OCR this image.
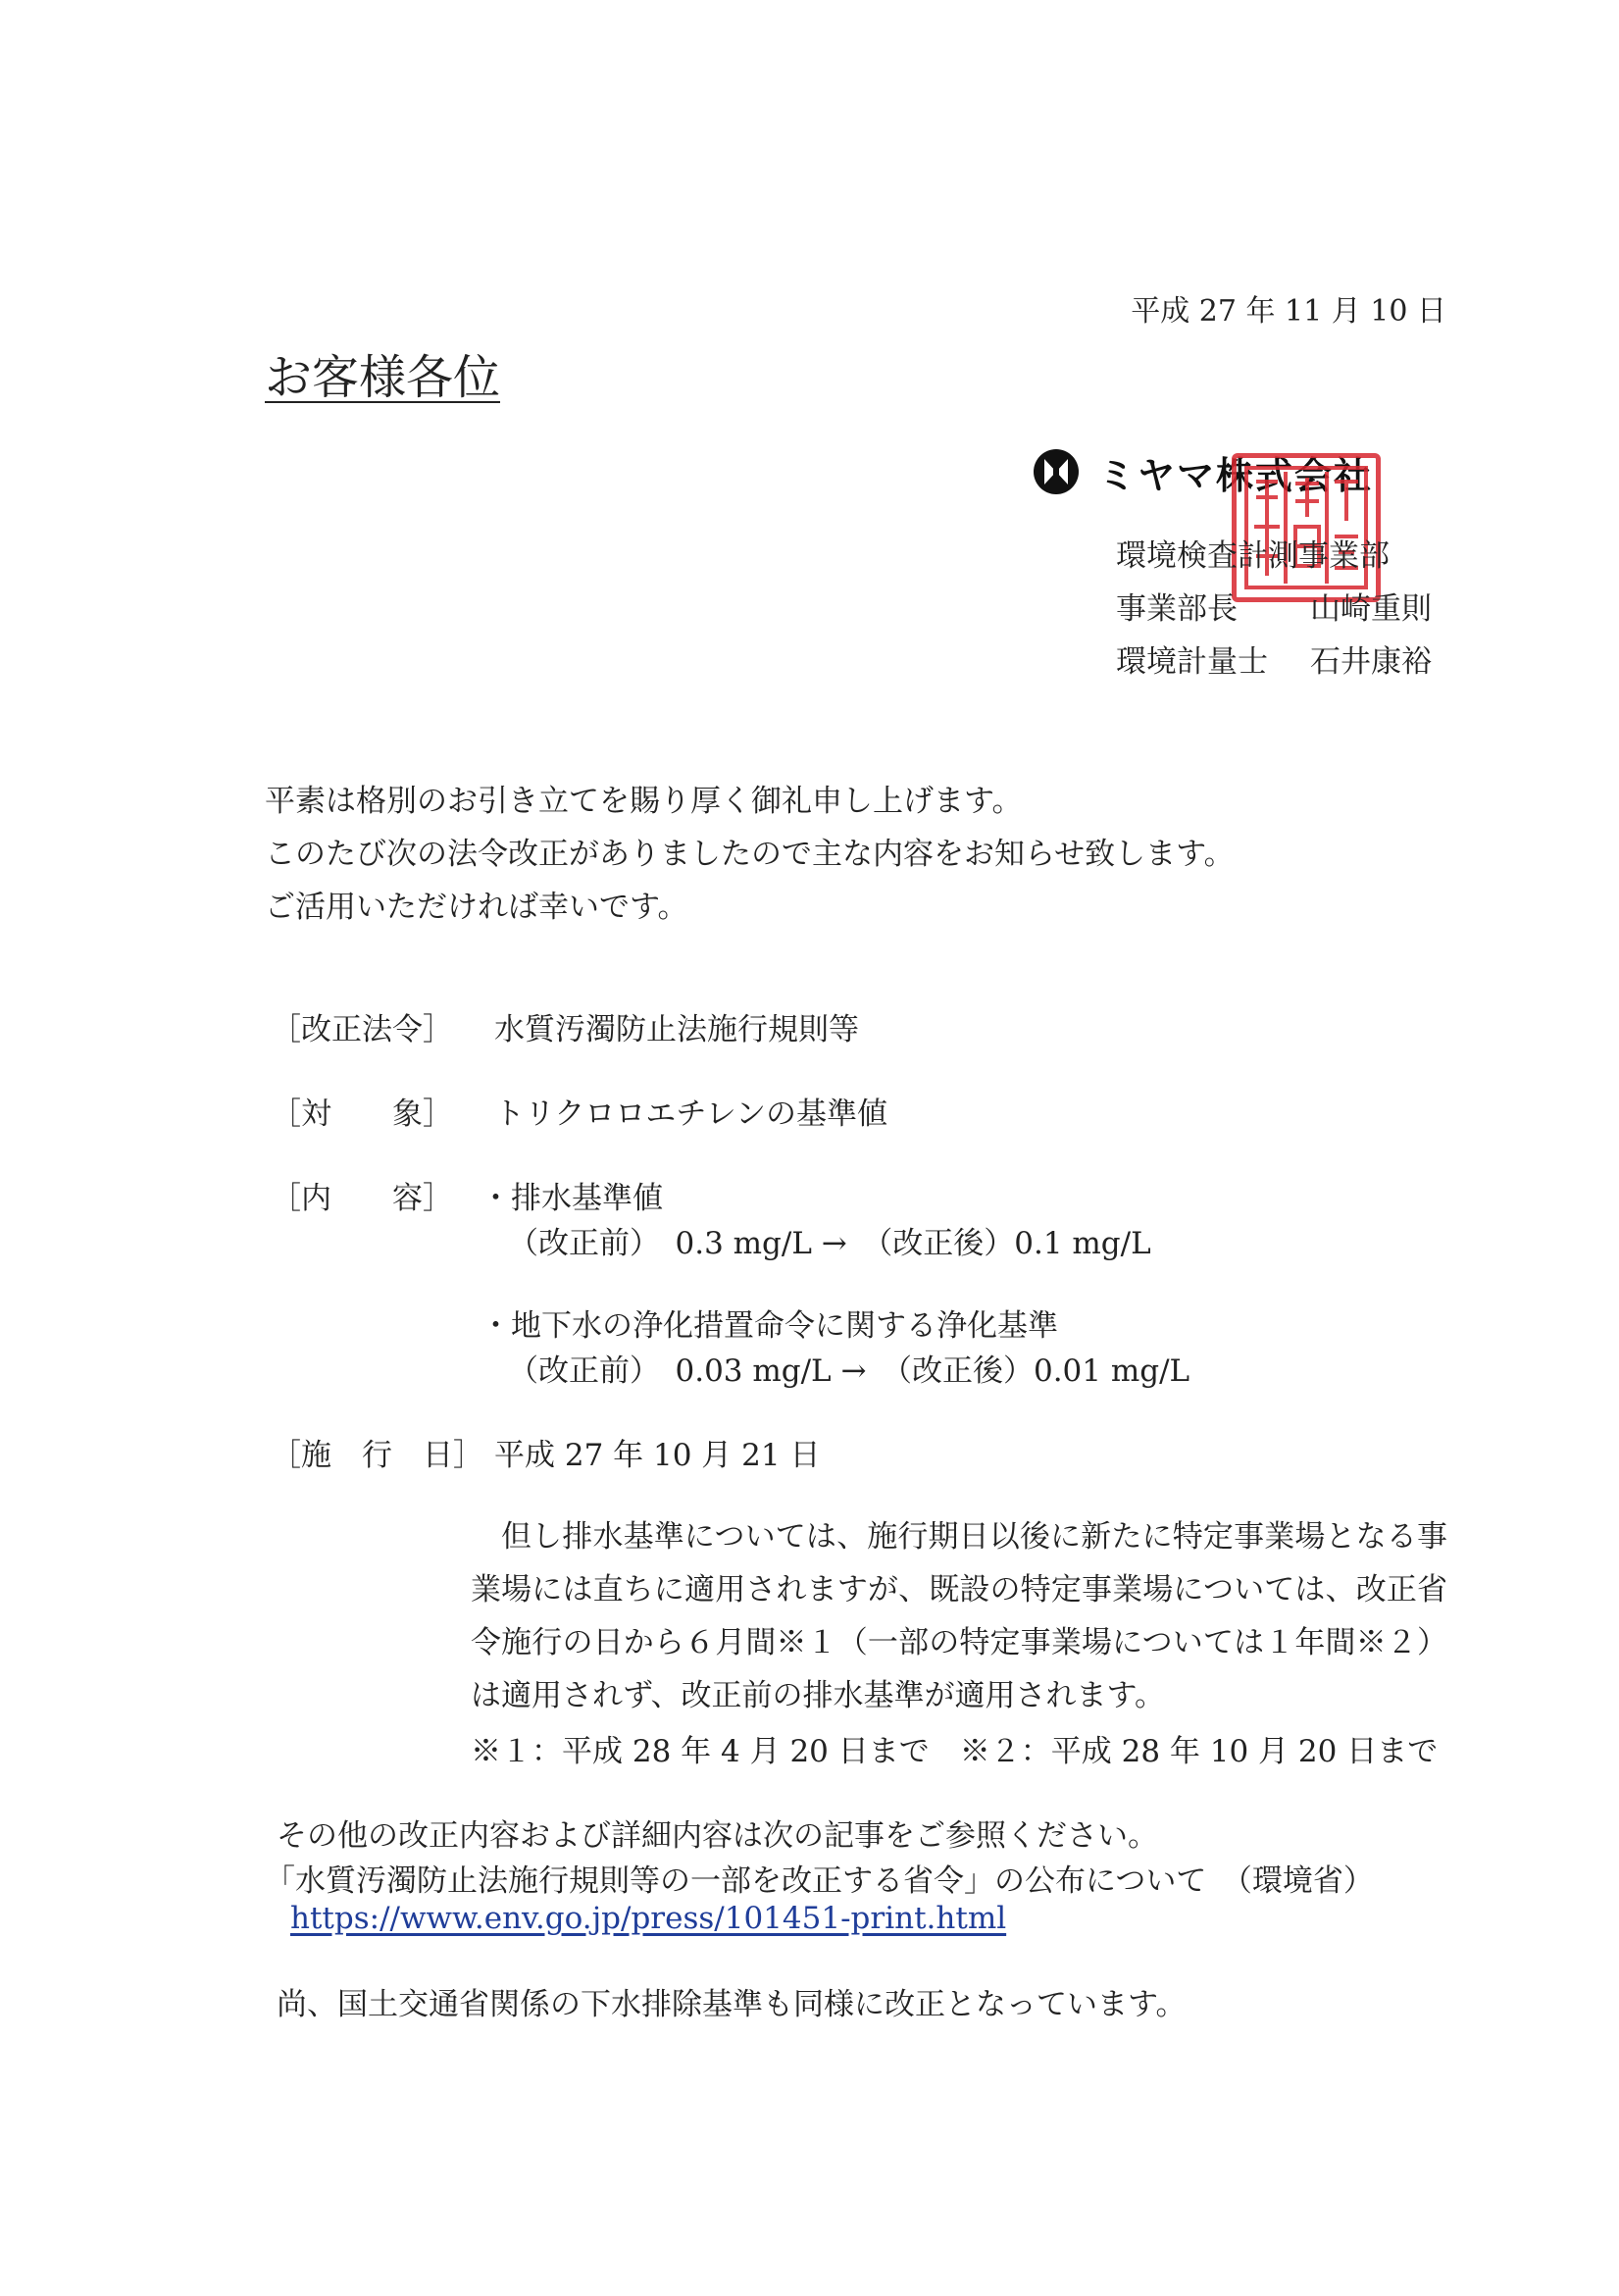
平成 27 年 11 月 10 日
お客様各位
ミヤマ株式会社
環境検査計測事業部
事業部長	山崎重則
環境計量士 石井康裕
平素は格別のお引き立てを賜り厚く御礼申し上げます。
このたび次の法令改正がありましたので主な内容をお知らせ致します。
ご活用いただければ幸いです。
［改正法令］ 水質汚濁防止法施行規則等
［対　　象］ トリクロロエチレンの基準値
［内　　容］ ・排水基準値
（改正前）　0.3 mg/L →　（改正後）0.1 mg/L
・地下水の浄化措置命令に関する浄化基準
（改正前）　0.03 mg/L →　（改正後）0.01 mg/L
［施　行　日］ 平成 27 年 10 月 21 日
但し排水基準については、施行期日以後に新たに特定事業場となる事業場には直ちに適用されますが、既設の特定事業場については、改正省令施行の日から６月間※１（一部の特定事業場については１年間※２）は適用されず、改正前の排水基準が適用されます。
※１：平成 28 年 4 月 20 日まで　※２：平成 28 年 10 月 20 日まで
その他の改正内容および詳細内容は次の記事をご参照ください。
「水質汚濁防止法施行規則等の一部を改正する省令」の公布について　（環境省）
https://www.env.go.jp/press/101451-print.html
尚、国土交通省関係の下水排除基準も同様に改正となっています。
